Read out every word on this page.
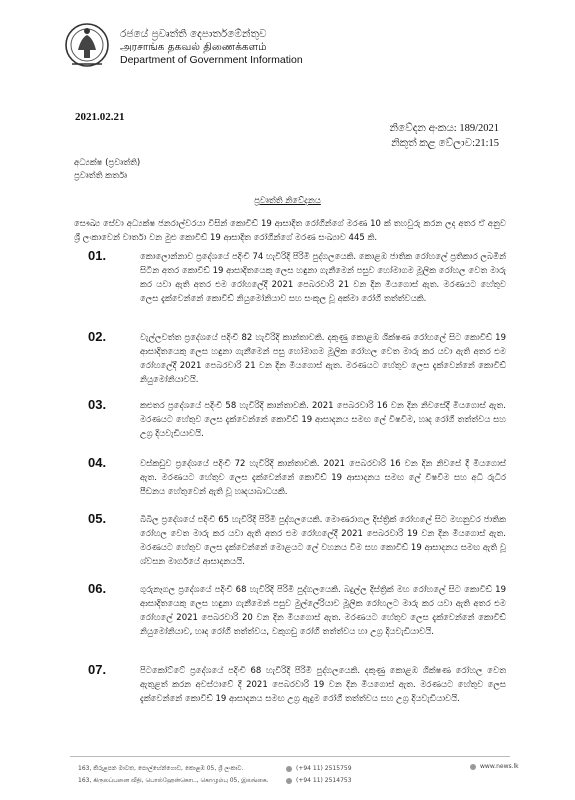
රජයේ ප්‍රවෘත්ති දෙපාර්තමේන්තුව
அரசாங்க தகவல் திணைக்களம்
Department of Government Information
2021.02.21
නිවේදන අංකය: 189/2021
නිකුත් කළ වේලාව:21:15
අධ්‍යක්ෂ (ප්‍රවෘත්ති)
ප්‍රවෘත්ති කර්තෘ
ප්‍රවෘත්ති නිවේදනය
සෞඛ්‍ය සේවා අධ්‍යක්ෂ ජනරාල්වරයා විසින් කොවිඩ් 19 ආසාදිත රෝගීන්ගේ මරණ 10 ක් තහවුරු කරන ලද අතර ඒ අනුව ශ්‍රී ලංකාවෙන් වාර්තා වන මුළු කොවිඩ් 19 ආසාදිත රෝගීන්ගේ මරණ සංඛ්‍යාව 445 කි.
01.	කොලොන්නාව ප්‍රදේශයේ පදිංචි 74 හැවිරිදි පිරිමි පුද්ගලයෙකි. කොළඹ ජාතික රෝහලේ ප්‍රතිකාර ලබමින් සිටින අතර කොවිඩ් 19 ආසාදිතයෙකු ලෙස හඳුනා ගැනීමෙන් පසුව හෝමාගම මූලික රෝහල වෙත මාරු කර යවා ඇති අතර එම රෝහලේදී 2021 පෙබරවාරි 21 වන දින මියගොස් ඇත. මරණයට හේතුව ලෙස දැක්වෙන්නේ කොවිඩ් නියුමෝනියාව සහ සංකූල වූ අක්මා රෝගී තත්ත්වයකි.
02.	වැල්ලවත්ත ප්‍රදේශයේ පදිංචි 82 හැවිරිදි කාන්තාවකි. දකුණු කොළඹ ශික්ෂණ රෝහලේ සිට කොවිඩ් 19 ආසාදිතයෙකු ලෙස හඳුනා ගැනීමෙන් පසු හෝමාගම මූලික රෝහල වෙත මාරු කර යවා ඇති අතර එම රෝහලේදී 2021 පෙබරවාරි 21 වන දින මියගොස් ඇත. මරණයට හේතුව ලෙස දැක්වෙන්නේ කොවිඩ් නියුමෝනියාවයි.
03.	කළුතර ප්‍රදේශයේ පදිංචි 58 හැවිරිදි කාන්තාවකි. 2021 පෙබරවාරි 16 වන දින නිවසේදී මියගොස් ඇත. මරණයට හේතුව ලෙස දැක්වෙන්නේ කොවිඩ් 19 ආසාදනය සමඟ ලේ විෂවීම, හෘද රෝගී තත්ත්වය සහ උග්‍ර දියවැඩියාවයි.
04.	වස්කඩුව ප්‍රදේශයේ පදිංචි 72 හැවිරිදි කාන්තාවකි. 2021 පෙබරවාරි 16 වන දින නිවසේ දී මියගොස් ඇත. මරණයට හේතුව ලෙස දැක්වෙන්නේ කොවිඩ් 19 ආසාදනය සමඟ ලේ විෂවීම සහ අධි රුධිර පීඩනය හේතුවෙන් ඇති වූ හෘදයාබාධයකි.
05.	බිබිල ප්‍රදේශයේ පදිංචි 65 හැවිරිදි පිරිමි පුද්ගලයෙකි. මොණරාගල දිස්ත්‍රික් රෝහලේ සිට මහනුවර ජාතික රෝහල වෙත මාරු කර යවා ඇති අතර එම රෝහලේදී 2021 පෙබරවාරි 19 වන දින මියගොස් ඇත. මරණයට හේතුව ලෙස දැක්වෙන්නේ මොළයට ලේ වහනය වීම සහ කොවිඩ් 19 ආසාදනය සමඟ ඇති වූ ශ්වසන මාර්ගයේ ආසාදනයයි.
06.	ගුරුනෑගල ප්‍රදේශයේ පදිංචි 68 හැවිරිදි පිරිමි පුද්ගලයෙකි. බදුල්ල දිස්ත්‍රික් මහ රෝහලේ සිට කොවිඩ් 19 ආසාදිතයෙකු ලෙස හඳුනා ගැනීමෙන් පසුව මුල්ලේරියාව මූලික රෝහලට මාරු කර යවා ඇති අතර එම රෝහලේ 2021 පෙබරවාරි 20 වන දින මියගොස් ඇත. මරණයට හේතුව ලෙස දැක්වෙන්නේ කොවිඩ් නියුමෝනියාව, හෘද රෝගී තත්ත්වය, වකුගඩු රෝගී තත්ත්වය හා උග්‍ර දියවැඩියාවයි.
07.	පිටකෝට්ටේ ප්‍රදේශයේ පදිංචි 68 හැවිරිදි පිරිමි පුද්ගලයෙකි. දකුණු කොළඹ ශික්ෂණ රෝහල වෙත ඇතුළත් කරන අවස්ථාවේ දී 2021 පෙබරවාරි 19 වන දින මියගොස් ඇත. මරණයට හේතුව ලෙස දැක්වෙන්නේ කොවිඩ් 19 ආසාදනය සමඟ උග්‍ර ඇදුම රෝගී තත්ත්වය සහ උග්‍ර දියවැඩියාවයි.
163, කිරුළපන මාවත, පොල්හේන්ගොඩ, කොළඹ 05, ශ්‍රී ලංකාව.
163, கிருலப்பனை வீதி, பொல்ஹேன்கொட, கொழும்பு 05, இலங்கை.
(+94 11) 2515759
(+94 11) 2514753
www.news.lk
